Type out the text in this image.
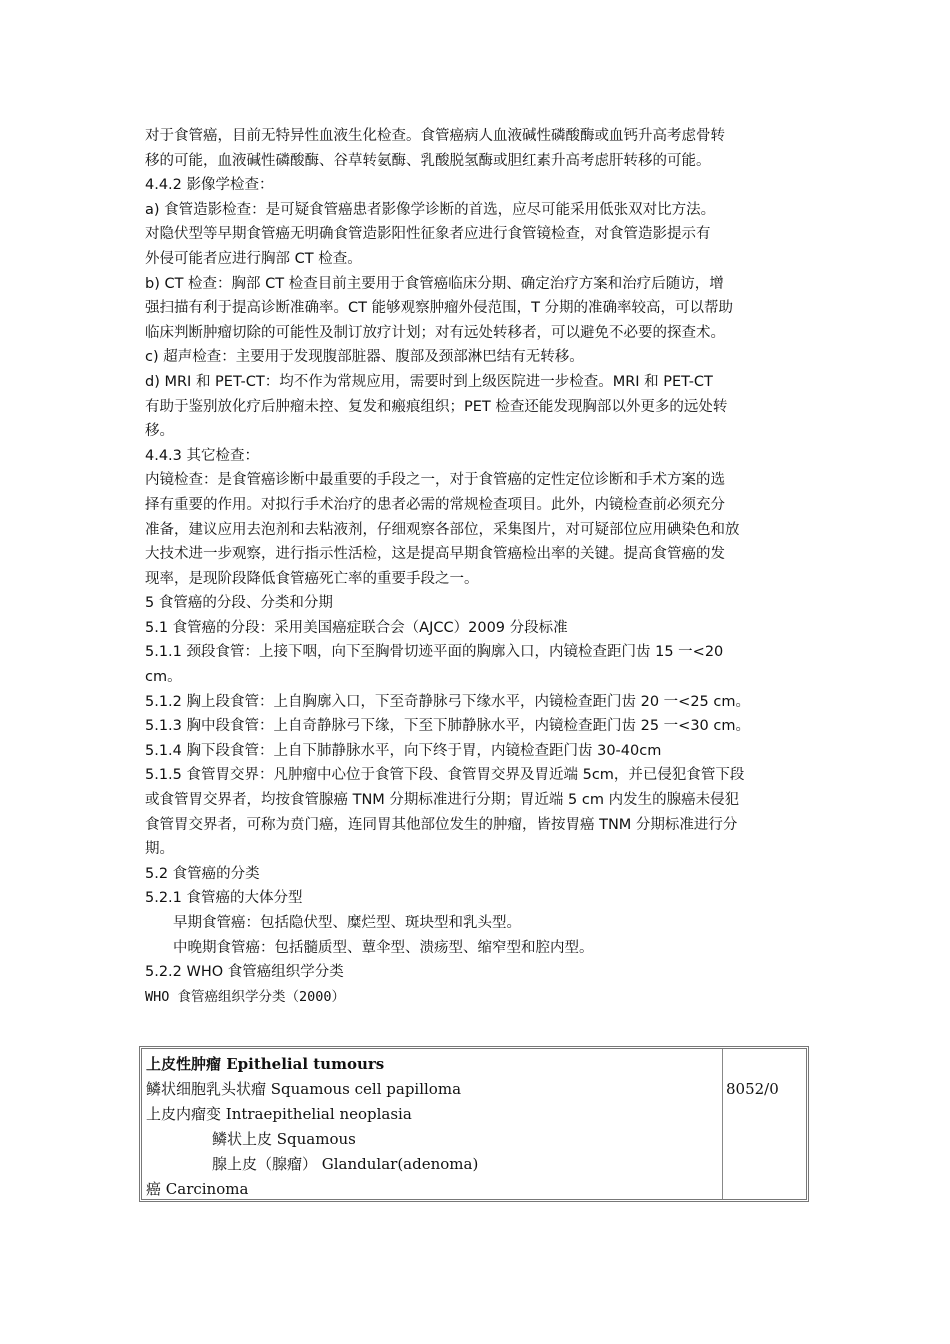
对于食管癌，目前无特异性血液生化检查。食管癌病人血液碱性磷酸酶或血钙升高考虑骨转
移的可能，血液碱性磷酸酶、谷草转氨酶、乳酸脱氢酶或胆红素升高考虑肝转移的可能。
4.4.2 影像学检查：
a) 食管造影检查：是可疑食管癌患者影像学诊断的首选，应尽可能采用低张双对比方法。
对隐伏型等早期食管癌无明确食管造影阳性征象者应进行食管镜检查，对食管造影提示有
外侵可能者应进行胸部 CT 检查。
b) CT 检查：胸部 CT 检查目前主要用于食管癌临床分期、确定治疗方案和治疗后随访，增
强扫描有利于提高诊断准确率。CT 能够观察肿瘤外侵范围，T 分期的准确率较高，可以帮助
临床判断肿瘤切除的可能性及制订放疗计划；对有远处转移者，可以避免不必要的探查术。
c) 超声检查：主要用于发现腹部脏器、腹部及颈部淋巴结有无转移。
d) MRI 和 PET-CT：均不作为常规应用，需要时到上级医院进一步检查。MRI 和 PET-CT
有助于鉴别放化疗后肿瘤未控、复发和瘢痕组织；PET 检查还能发现胸部以外更多的远处转
移。
4.4.3 其它检查：
内镜检查：是食管癌诊断中最重要的手段之一，对于食管癌的定性定位诊断和手术方案的选
择有重要的作用。对拟行手术治疗的患者必需的常规检查项目。此外，内镜检查前必须充分
准备，建议应用去泡剂和去粘液剂，仔细观察各部位，采集图片，对可疑部位应用碘染色和放
大技术进一步观察，进行指示性活检，这是提高早期食管癌检出率的关键。提高食管癌的发
现率，是现阶段降低食管癌死亡率的重要手段之一。
5 食管癌的分段、分类和分期
5.1 食管癌的分段：采用美国癌症联合会（AJCC）2009 分段标准
5.1.1 颈段食管：上接下咽，向下至胸骨切迹平面的胸廓入口，内镜检查距门齿 15 一<20
cm。
5.1.2 胸上段食管：上自胸廓入口，下至奇静脉弓下缘水平，内镜检查距门齿 20 一<25 cm。
5.1.3 胸中段食管：上自奇静脉弓下缘，下至下肺静脉水平，内镜检查距门齿 25 一<30 cm。
5.1.4 胸下段食管：上自下肺静脉水平，向下终于胃，内镜检查距门齿 30-40cm
5.1.5 食管胃交界：凡肿瘤中心位于食管下段、食管胃交界及胃近端 5cm，并已侵犯食管下段
或食管胃交界者，均按食管腺癌 TNM 分期标准进行分期；胃近端 5 cm 内发生的腺癌未侵犯
食管胃交界者，可称为贲门癌，连同胃其他部位发生的肿瘤，皆按胃癌 TNM 分期标准进行分
期。
5.2 食管癌的分类
5.2.1 食管癌的大体分型
早期食管癌：包括隐伏型、糜烂型、斑块型和乳头型。
中晚期食管癌：包括髓质型、蕈伞型、溃疡型、缩窄型和腔内型。
5.2.2 WHO 食管癌组织学分类
WHO 食管癌组织学分类（2000）
上皮性肿瘤 Epithelial tumours
鳞状细胞乳头状瘤 Squamous cell papilloma
上皮内瘤变 Intraepithelial neoplasia
鳞状上皮 Squamous
腺上皮（腺瘤） Glandular(adenoma)
癌 Carcinoma
8052/0
